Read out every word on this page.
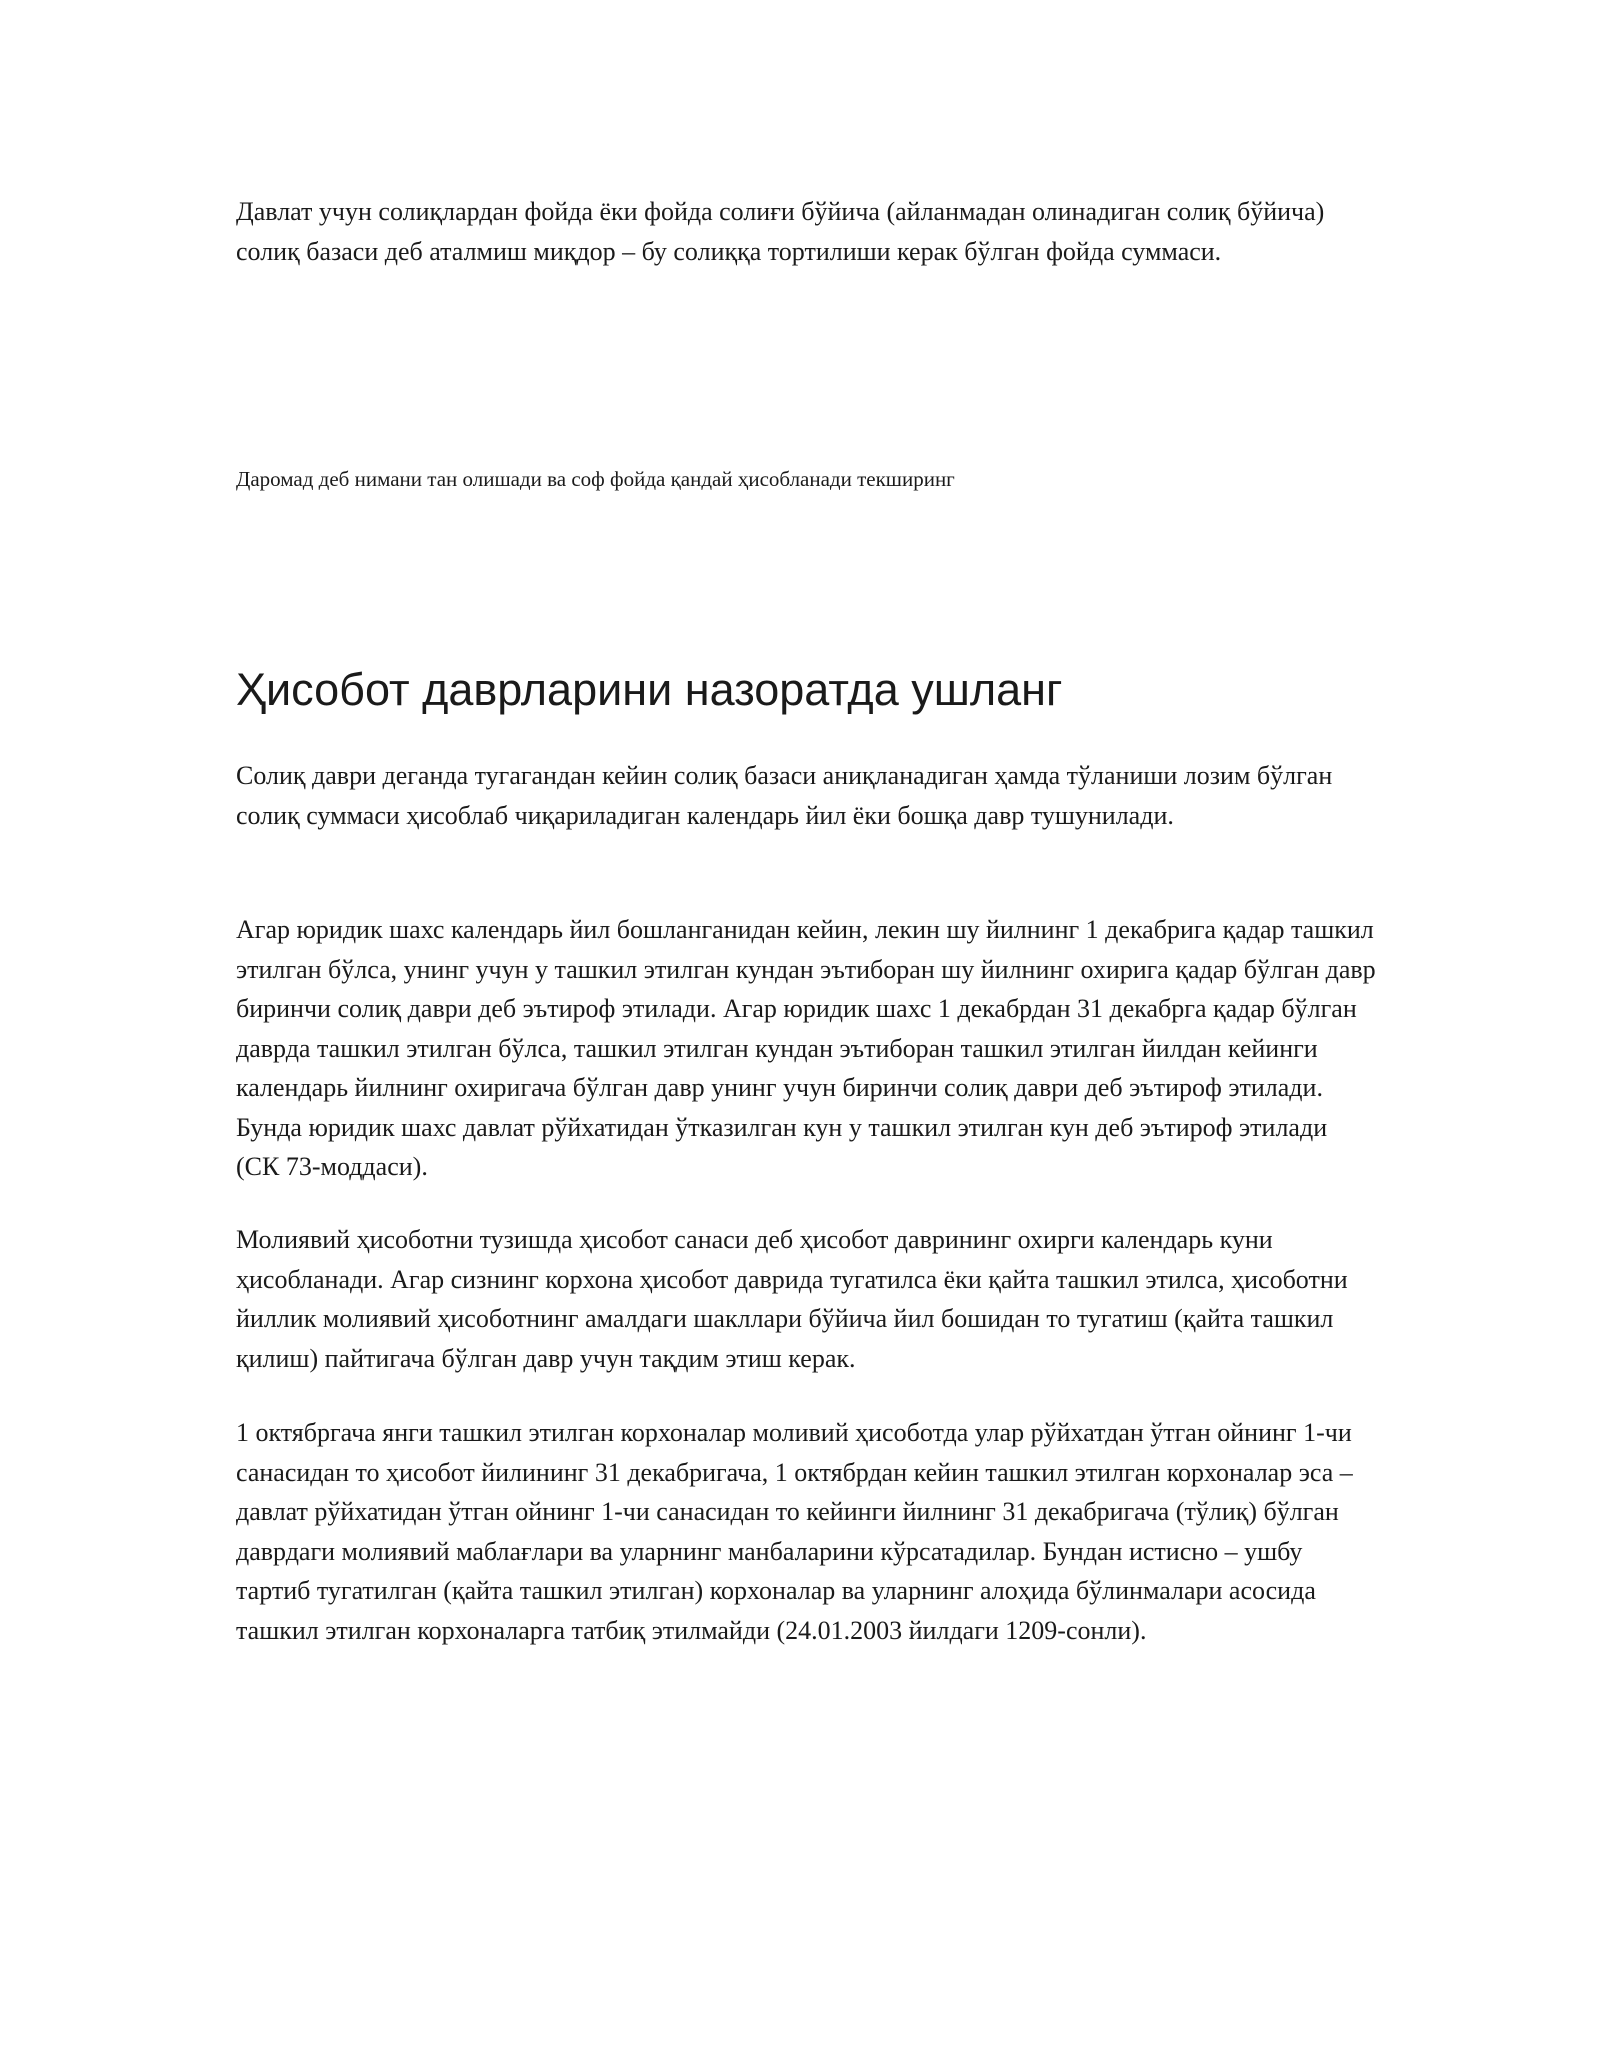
Давлат учун солиқлардан фойда ёки фойда солиғи бўйича (айланмадан олинадиган солиқ бўйича) солиқ базаси деб аталмиш миқдор – бу солиққа тортилиши керак бўлган фойда суммаси.

Даромад деб нимани тан олишади ва соф фойда қандай ҳисобланади текширинг

Ҳисобот даврларини назоратда ушланг

Солиқ даври деганда тугагандан кейин солиқ базаси аниқланадиган ҳамда тўланиши лозим бўлган солиқ суммаси ҳисоблаб чиқариладиган календарь йил ёки бошқа давр тушунилади.

Агар юридик шахс календарь йил бошланганидан кейин, лекин шу йилнинг 1 декабрига қадар ташкил этилган бўлса, унинг учун у ташкил этилган кундан эътиборан шу йилнинг охирига қадар бўлган давр биринчи солиқ даври деб эътироф этилади. Агар юридик шахс 1 декабрдан 31 декабрга қадар бўлган даврда ташкил этилган бўлса, ташкил этилган кундан эътиборан ташкил этилган йилдан кейинги календарь йилнинг охиригача бўлган давр унинг учун биринчи солиқ даври деб эътироф этилади. Бунда юридик шахс давлат рўйхатидан ўтказилган кун у ташкил этилган кун деб эътироф этилади (СК 73-моддаси).

Молиявий ҳисоботни тузишда ҳисобот санаси деб ҳисобот даврининг охирги календарь куни ҳисобланади. Агар сизнинг корхона ҳисобот даврида тугатилса ёки қайта ташкил этилса, ҳисоботни йиллик молиявий ҳисоботнинг амалдаги шакллари бўйича йил бошидан то тугатиш (қайта ташкил қилиш) пайтигача бўлган давр учун тақдим этиш керак.

1 октябргача янги ташкил этилган корхоналар моливий ҳисоботда улар рўйхатдан ўтган ойнинг 1-чи санасидан то ҳисобот йилининг 31 декабригача, 1 октябрдан кейин ташкил этилган корхоналар эса – давлат рўйхатидан ўтган ойнинг 1-чи санасидан то кейинги йилнинг 31 декабригача (тўлиқ) бўлган даврдаги молиявий маблағлари ва уларнинг манбаларини кўрсатадилар. Бундан истисно – ушбу тартиб тугатилган (қайта ташкил этилган) корхоналар ва уларнинг алоҳида бўлинмалари асосида ташкил этилган корхоналарга татбиқ этилмайди (24.01.2003 йилдаги 1209-сонли).
